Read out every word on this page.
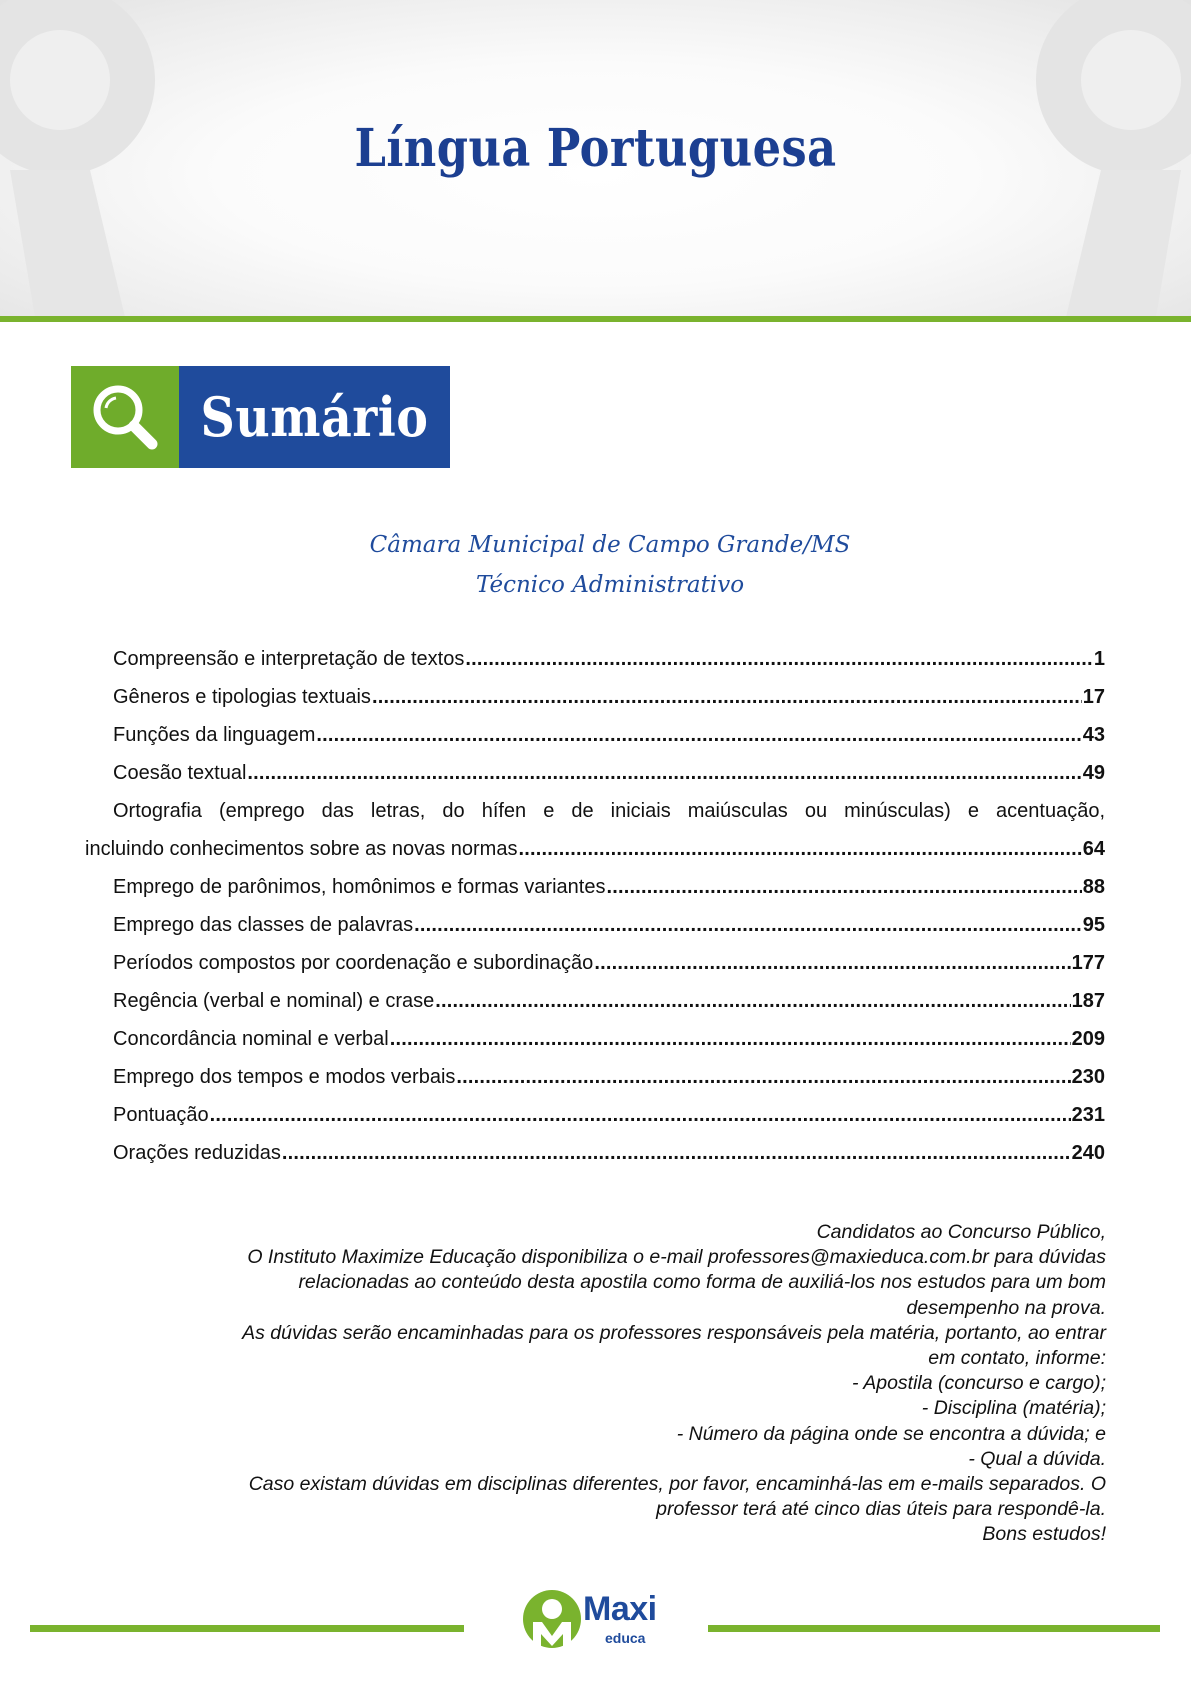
Língua Portuguesa
Sumário
Câmara Municipal de Campo Grande/MS
Técnico Administrativo
Compreensão e interpretação de textos .....	1
Gêneros e tipologias textuais .....	17
Funções da linguagem .....	43
Coesão textual .....	49
Ortografia (emprego das letras, do hífen e de iniciais maiúsculas ou minúsculas) e acentuação,
incluindo conhecimentos sobre as novas normas .....	64
Emprego de parônimos, homônimos e formas variantes .....	88
Emprego das classes de palavras .....	95
Períodos compostos por coordenação e subordinação .....	177
Regência (verbal e nominal) e crase .....	187
Concordância nominal e verbal .....	209
Emprego dos tempos e modos verbais .....	230
Pontuação .....	231
Orações reduzidas .....	240
Candidatos ao Concurso Público,
O Instituto Maximize Educação disponibiliza o e-mail professores@maxieduca.com.br para dúvidas
relacionadas ao conteúdo desta apostila como forma de auxiliá-los nos estudos para um bom
desempenho na prova.
As dúvidas serão encaminhadas para os professores responsáveis pela matéria, portanto, ao entrar
em contato, informe:
- Apostila (concurso e cargo);
- Disciplina (matéria);
- Número da página onde se encontra a dúvida; e
- Qual a dúvida.
Caso existam dúvidas em disciplinas diferentes, por favor, encaminhá-las em e-mails separados. O
professor terá até cinco dias úteis para respondê-la.
Bons estudos!
Maxi
educa
